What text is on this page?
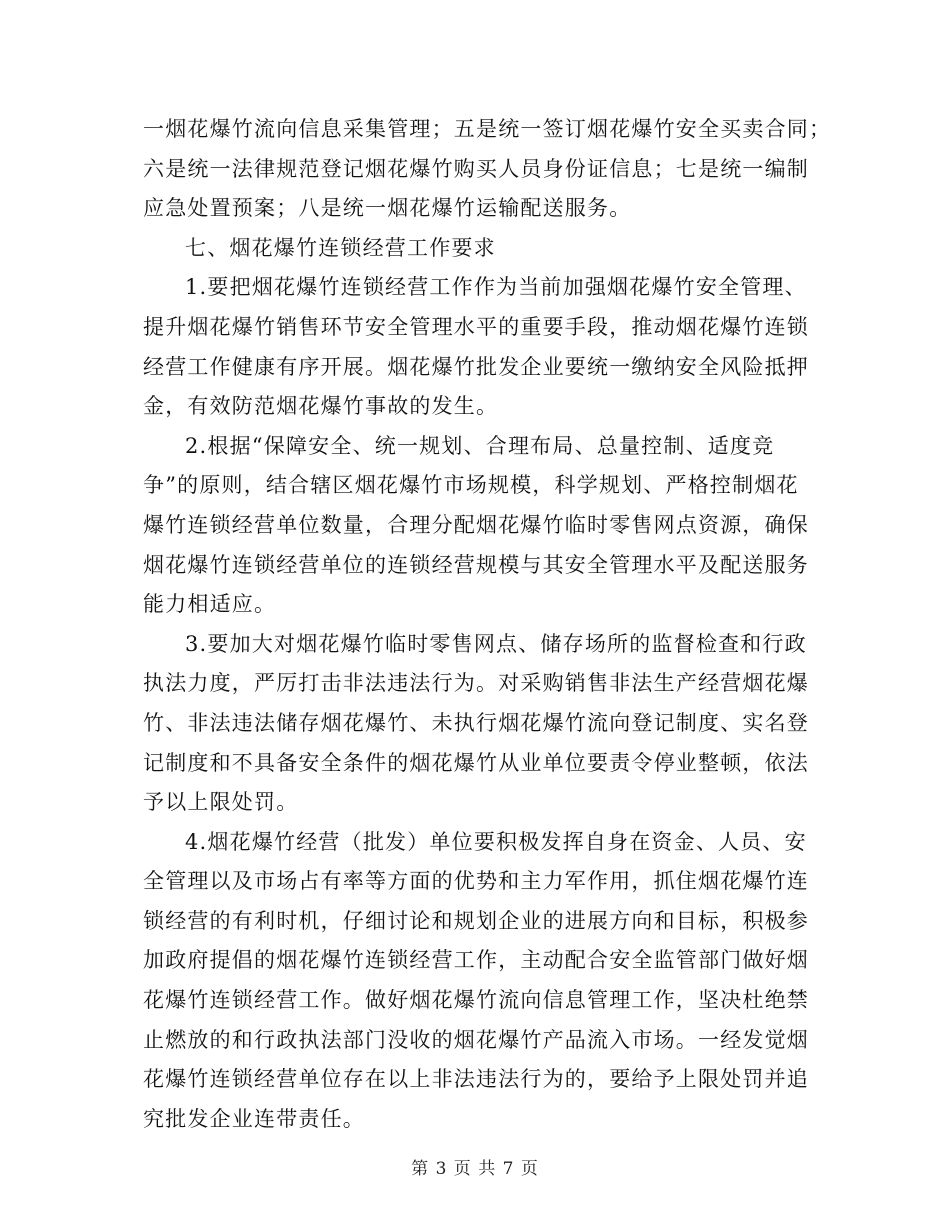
一烟花爆竹流向信息采集管理；五是统一签订烟花爆竹安全买卖合同；
六是统一法律规范登记烟花爆竹购买人员身份证信息；七是统一编制
应急处置预案；八是统一烟花爆竹运输配送服务。
七、烟花爆竹连锁经营工作要求
1.要把烟花爆竹连锁经营工作作为当前加强烟花爆竹安全管理、
提升烟花爆竹销售环节安全管理水平的重要手段，推动烟花爆竹连锁
经营工作健康有序开展。烟花爆竹批发企业要统一缴纳安全风险抵押
金，有效防范烟花爆竹事故的发生。
2.根据“保障安全、统一规划、合理布局、总量控制、适度竞
争”的原则，结合辖区烟花爆竹市场规模，科学规划、严格控制烟花
爆竹连锁经营单位数量，合理分配烟花爆竹临时零售网点资源，确保
烟花爆竹连锁经营单位的连锁经营规模与其安全管理水平及配送服务
能力相适应。
3.要加大对烟花爆竹临时零售网点、储存场所的监督检查和行政
执法力度，严厉打击非法违法行为。对采购销售非法生产经营烟花爆
竹、非法违法储存烟花爆竹、未执行烟花爆竹流向登记制度、实名登
记制度和不具备安全条件的烟花爆竹从业单位要责令停业整顿，依法
予以上限处罚。
4.烟花爆竹经营（批发）单位要积极发挥自身在资金、人员、安
全管理以及市场占有率等方面的优势和主力军作用，抓住烟花爆竹连
锁经营的有利时机，仔细讨论和规划企业的进展方向和目标，积极参
加政府提倡的烟花爆竹连锁经营工作，主动配合安全监管部门做好烟
花爆竹连锁经营工作。做好烟花爆竹流向信息管理工作，坚决杜绝禁
止燃放的和行政执法部门没收的烟花爆竹产品流入市场。一经发觉烟
花爆竹连锁经营单位存在以上非法违法行为的，要给予上限处罚并追
究批发企业连带责任。
第 3 页 共 7 页
